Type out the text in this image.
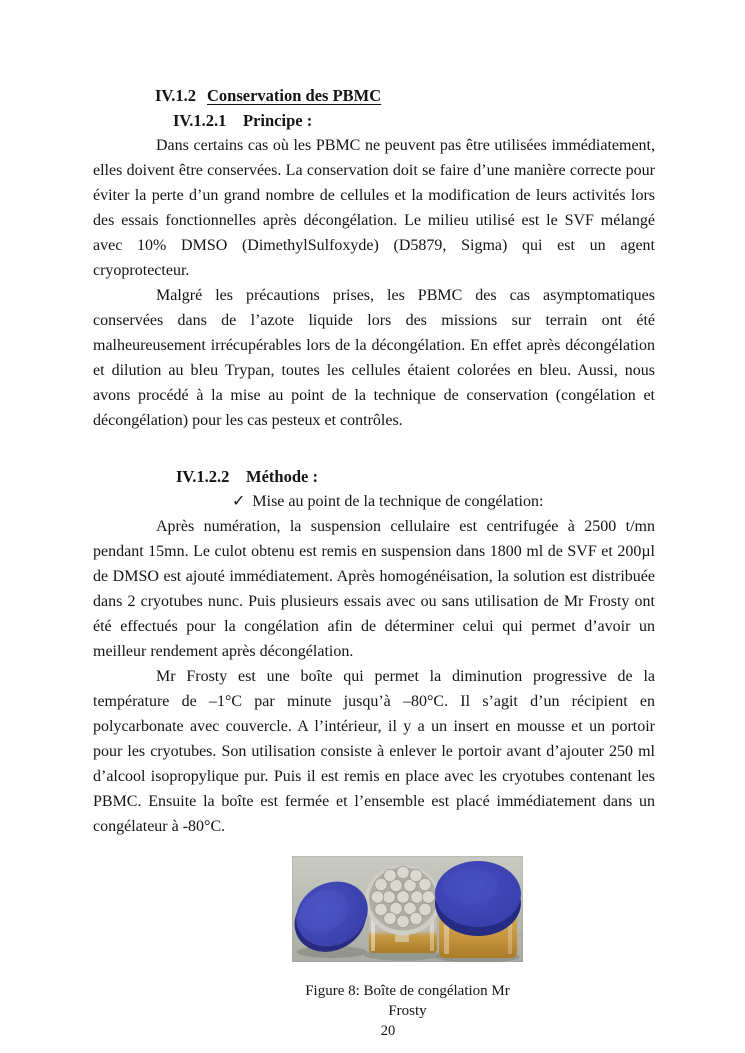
IV.1.2 Conservation des PBMC
IV.1.2.1 Principe :

Dans certains cas où les PBMC ne peuvent pas être utilisées immédiatement, elles doivent être conservées. La conservation doit se faire d’une manière correcte pour éviter la perte d’un grand nombre de cellules et la modification de leurs activités lors des essais fonctionnelles après décongélation. Le milieu utilisé est le SVF mélangé avec 10% DMSO (DimethylSulfoxyde) (D5879, Sigma) qui est un agent cryoprotecteur.

Malgré les précautions prises, les PBMC des cas asymptomatiques conservées dans de l’azote liquide lors des missions sur terrain ont été malheureusement irrécupérables lors de la décongélation. En effet après décongélation et dilution au bleu Trypan, toutes les cellules étaient colorées en bleu. Aussi, nous avons procédé à la mise au point de la technique de conservation (congélation et décongélation) pour les cas pesteux et contrôles.

IV.1.2.2 Méthode :
✓ Mise au point de la technique de congélation:

Après numération, la suspension cellulaire est centrifugée à 2500 t/mn pendant 15mn. Le culot obtenu est remis en suspension dans 1800 ml de SVF et 200µl de DMSO est ajouté immédiatement. Après homogénéisation, la solution est distribuée dans 2 cryotubes nunc. Puis plusieurs essais avec ou sans utilisation de Mr Frosty ont été effectués pour la congélation afin de déterminer celui qui permet d’avoir un meilleur rendement après décongélation.

Mr Frosty est une boîte qui permet la diminution progressive de la température de –1°C par minute jusqu’à –80°C. Il s’agit d’un récipient en polycarbonate avec couvercle. A l’intérieur, il y a un insert en mousse et un portoir pour les cryotubes. Son utilisation consiste à enlever le portoir avant d’ajouter 250 ml d’alcool isopropylique pur. Puis il est remis en place avec les cryotubes contenant les PBMC. Ensuite la boîte est fermée et l’ensemble est placé immédiatement dans un congélateur à -80°C.

Figure 8: Boîte de congélation Mr Frosty
20
